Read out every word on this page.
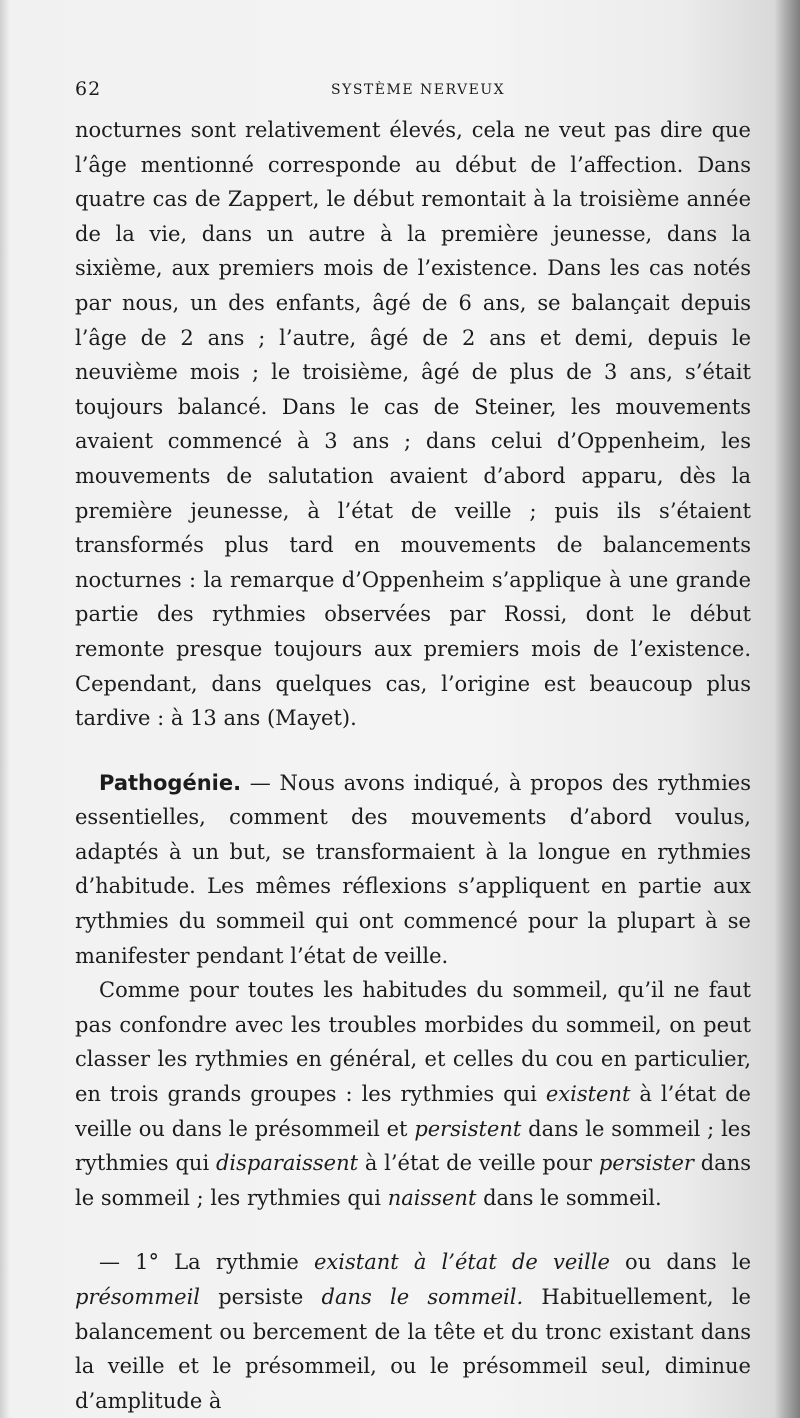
62	SYSTÈME NERVEUX

nocturnes sont relativement élevés, cela ne veut pas dire que l’âge mentionné corresponde au début de l’affection. Dans quatre cas de Zappert, le début remontait à la troisième année de la vie, dans un autre à la première jeunesse, dans la sixième, aux premiers mois de l’existence. Dans les cas notés par nous, un des enfants, âgé de 6 ans, se balançait depuis l’âge de 2 ans ; l’autre, âgé de 2 ans et demi, depuis le neuvième mois ; le troisième, âgé de plus de 3 ans, s’était toujours balancé. Dans le cas de Steiner, les mouvements avaient commencé à 3 ans ; dans celui d’Oppenheim, les mouvements de salutation avaient d’abord apparu, dès la première jeunesse, à l’état de veille ; puis ils s’étaient transformés plus tard en mouvements de balancements nocturnes : la remarque d’Oppenheim s’applique à une grande partie des rythmies observées par Rossi, dont le début remonte presque toujours aux premiers mois de l’existence. Cependant, dans quelques cas, l’origine est beaucoup plus tardive : à 13 ans (Mayet).

Pathogénie. — Nous avons indiqué, à propos des rythmies essentielles, comment des mouvements d’abord voulus, adaptés à un but, se transformaient à la longue en rythmies d’habitude. Les mêmes réflexions s’appliquent en partie aux rythmies du sommeil qui ont commencé pour la plupart à se manifester pendant l’état de veille.

Comme pour toutes les habitudes du sommeil, qu’il ne faut pas confondre avec les troubles morbides du sommeil, on peut classer les rythmies en général, et celles du cou en particulier, en trois grands groupes : les rythmies qui existent à l’état de veille ou dans le présommeil et persistent dans le sommeil ; les rythmies qui disparaissent à l’état de veille pour persister dans le sommeil ; les rythmies qui naissent dans le sommeil.

— 1° La rythmie existant à l’état de veille ou dans le présommeil persiste dans le sommeil. Habituellement, le balancement ou bercement de la tête et du tronc existant dans la veille et le présommeil, ou le présommeil seul, diminue d’amplitude à
